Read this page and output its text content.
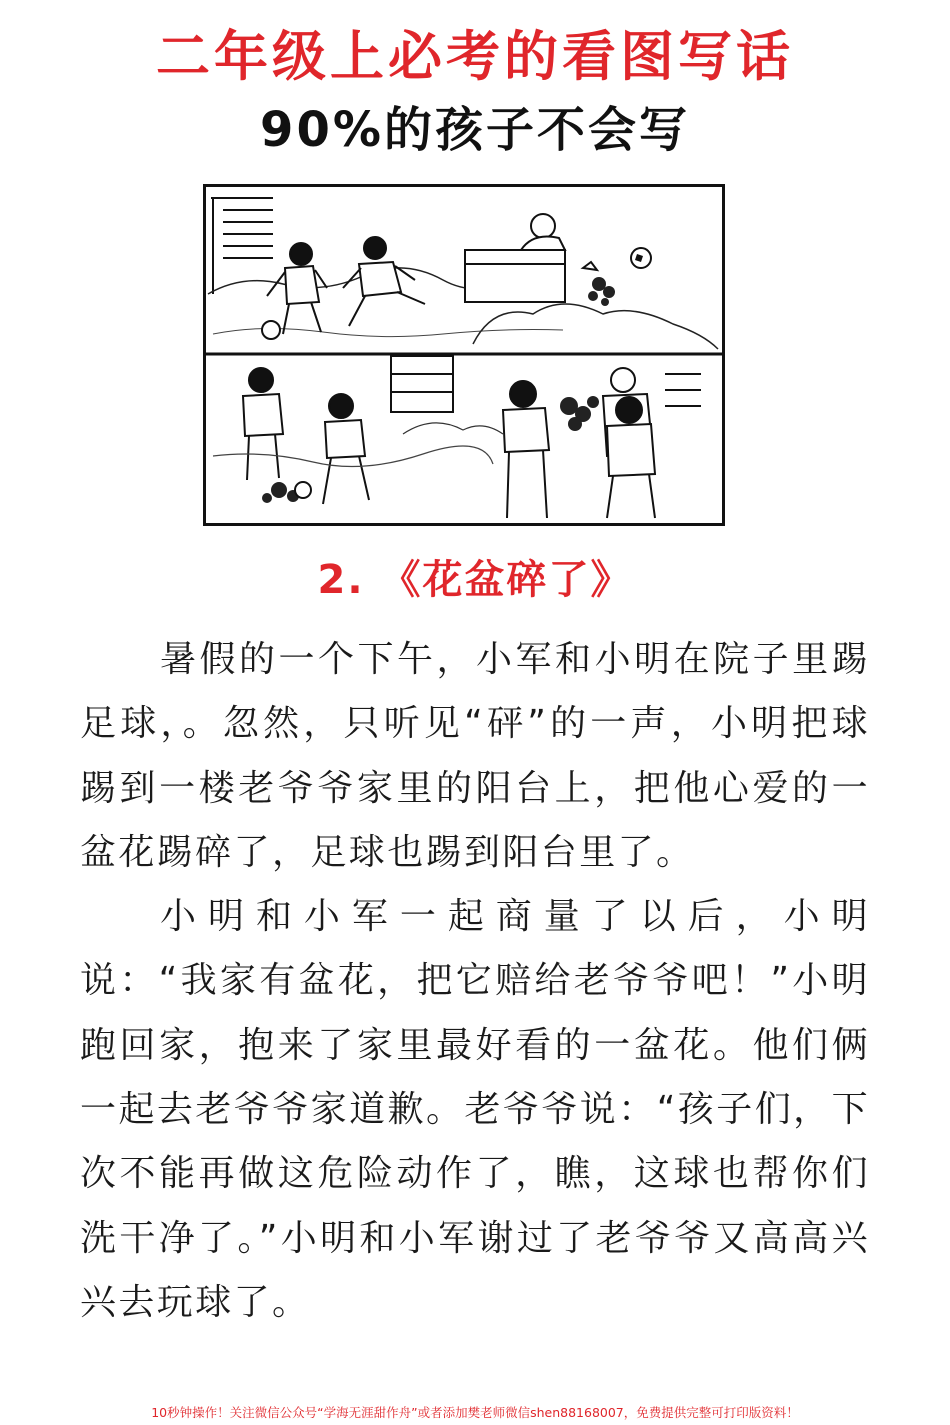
二年级上必考的看图写话
90%的孩子不会写
2. 《花盆碎了》

暑假的一个下午，小军和小明在院子里踢足球，。忽然，只听见“砰”的一声，小明把球踢到一楼老爷爷家里的阳台上，把他心爱的一盆花踢碎了，足球也踢到阳台里了。

小明和小军一起商量了以后，小明说：“我家有盆花，把它赔给老爷爷吧！”小明跑回家，抱来了家里最好看的一盆花。他们俩一起去老爷爷家道歉。老爷爷说：“孩子们，下次不能再做这危险动作了，瞧，这球也帮你们洗干净了。”小明和小军谢过了老爷爷又高高兴兴去玩球了。

10秒钟操作！关注微信公众号“学海无涯甜作舟”或者添加樊老师微信shen88168007，免费提供完整可打印版资料！
